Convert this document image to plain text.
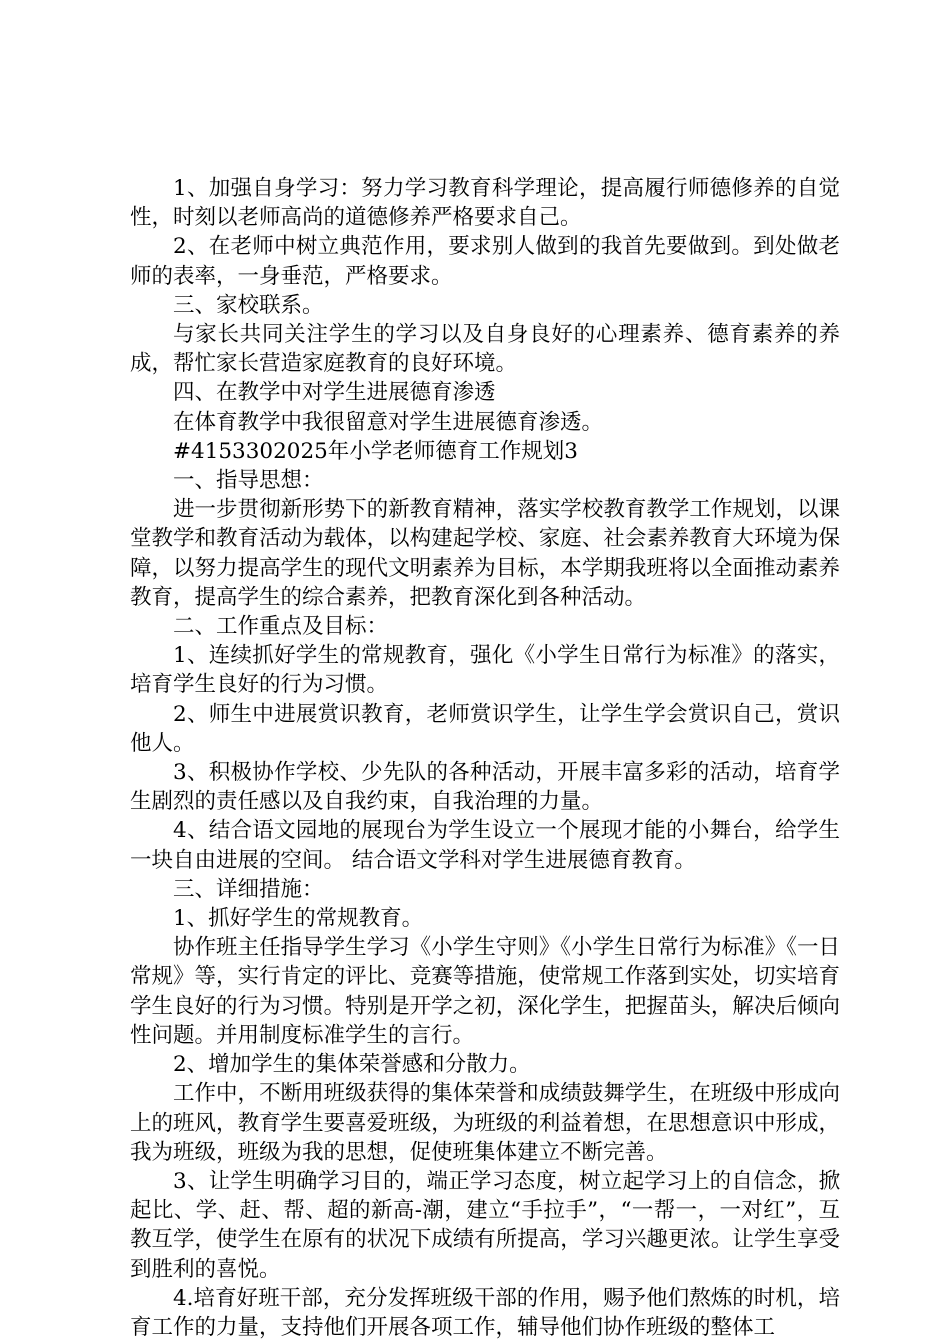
1、加强自身学习：努力学习教育科学理论，提高履行师德修养的自觉性，时刻以老师高尚的道德修养严格要求自己。

2、在老师中树立典范作用，要求别人做到的我首先要做到。到处做老师的表率，一身垂范，严格要求。

三、家校联系。

与家长共同关注学生的学习以及自身良好的心理素养、德育素养的养成，帮忙家长营造家庭教育的良好环境。

四、在教学中对学生进展德育渗透

在体育教学中我很留意对学生进展德育渗透。

#4153302025年小学老师德育工作规划3

一、指导思想：

进一步贯彻新形势下的新教育精神，落实学校教育教学工作规划，以课堂教学和教育活动为载体，以构建起学校、家庭、社会素养教育大环境为保障，以努力提高学生的现代文明素养为目标，本学期我班将以全面推动素养教育，提高学生的综合素养，把教育深化到各种活动。

二、工作重点及目标：

1、连续抓好学生的常规教育，强化《小学生日常行为标准》的落实，培育学生良好的行为习惯。

2、师生中进展赏识教育，老师赏识学生，让学生学会赏识自己，赏识他人。

3、积极协作学校、少先队的各种活动，开展丰富多彩的活动，培育学生剧烈的责任感以及自我约束，自我治理的力量。

4、结合语文园地的展现台为学生设立一个展现才能的小舞台，给学生一块自由进展的空间。 结合语文学科对学生进展德育教育。

三、详细措施：

1、抓好学生的常规教育。

协作班主任指导学生学习《小学生守则》《小学生日常行为标准》《一日常规》等，实行肯定的评比、竞赛等措施，使常规工作落到实处，切实培育学生良好的行为习惯。特别是开学之初，深化学生，把握苗头，解决后倾向性问题。并用制度标准学生的言行。

2、增加学生的集体荣誉感和分散力。

工作中，不断用班级获得的集体荣誉和成绩鼓舞学生，在班级中形成向上的班风，教育学生要喜爱班级，为班级的利益着想，在思想意识中形成，我为班级，班级为我的思想，促使班集体建立不断完善。

3、让学生明确学习目的，端正学习态度，树立起学习上的自信念，掀起比、学、赶、帮、超的新高-潮，建立“手拉手”，“一帮一，一对红”，互教互学，使学生在原有的状况下成绩有所提高，学习兴趣更浓。让学生享受到胜利的喜悦。

4.培育好班干部，充分发挥班级干部的作用，赐予他们熬炼的时机，培育工作的力量，支持他们开展各项工作，辅导他们协作班级的整体工
